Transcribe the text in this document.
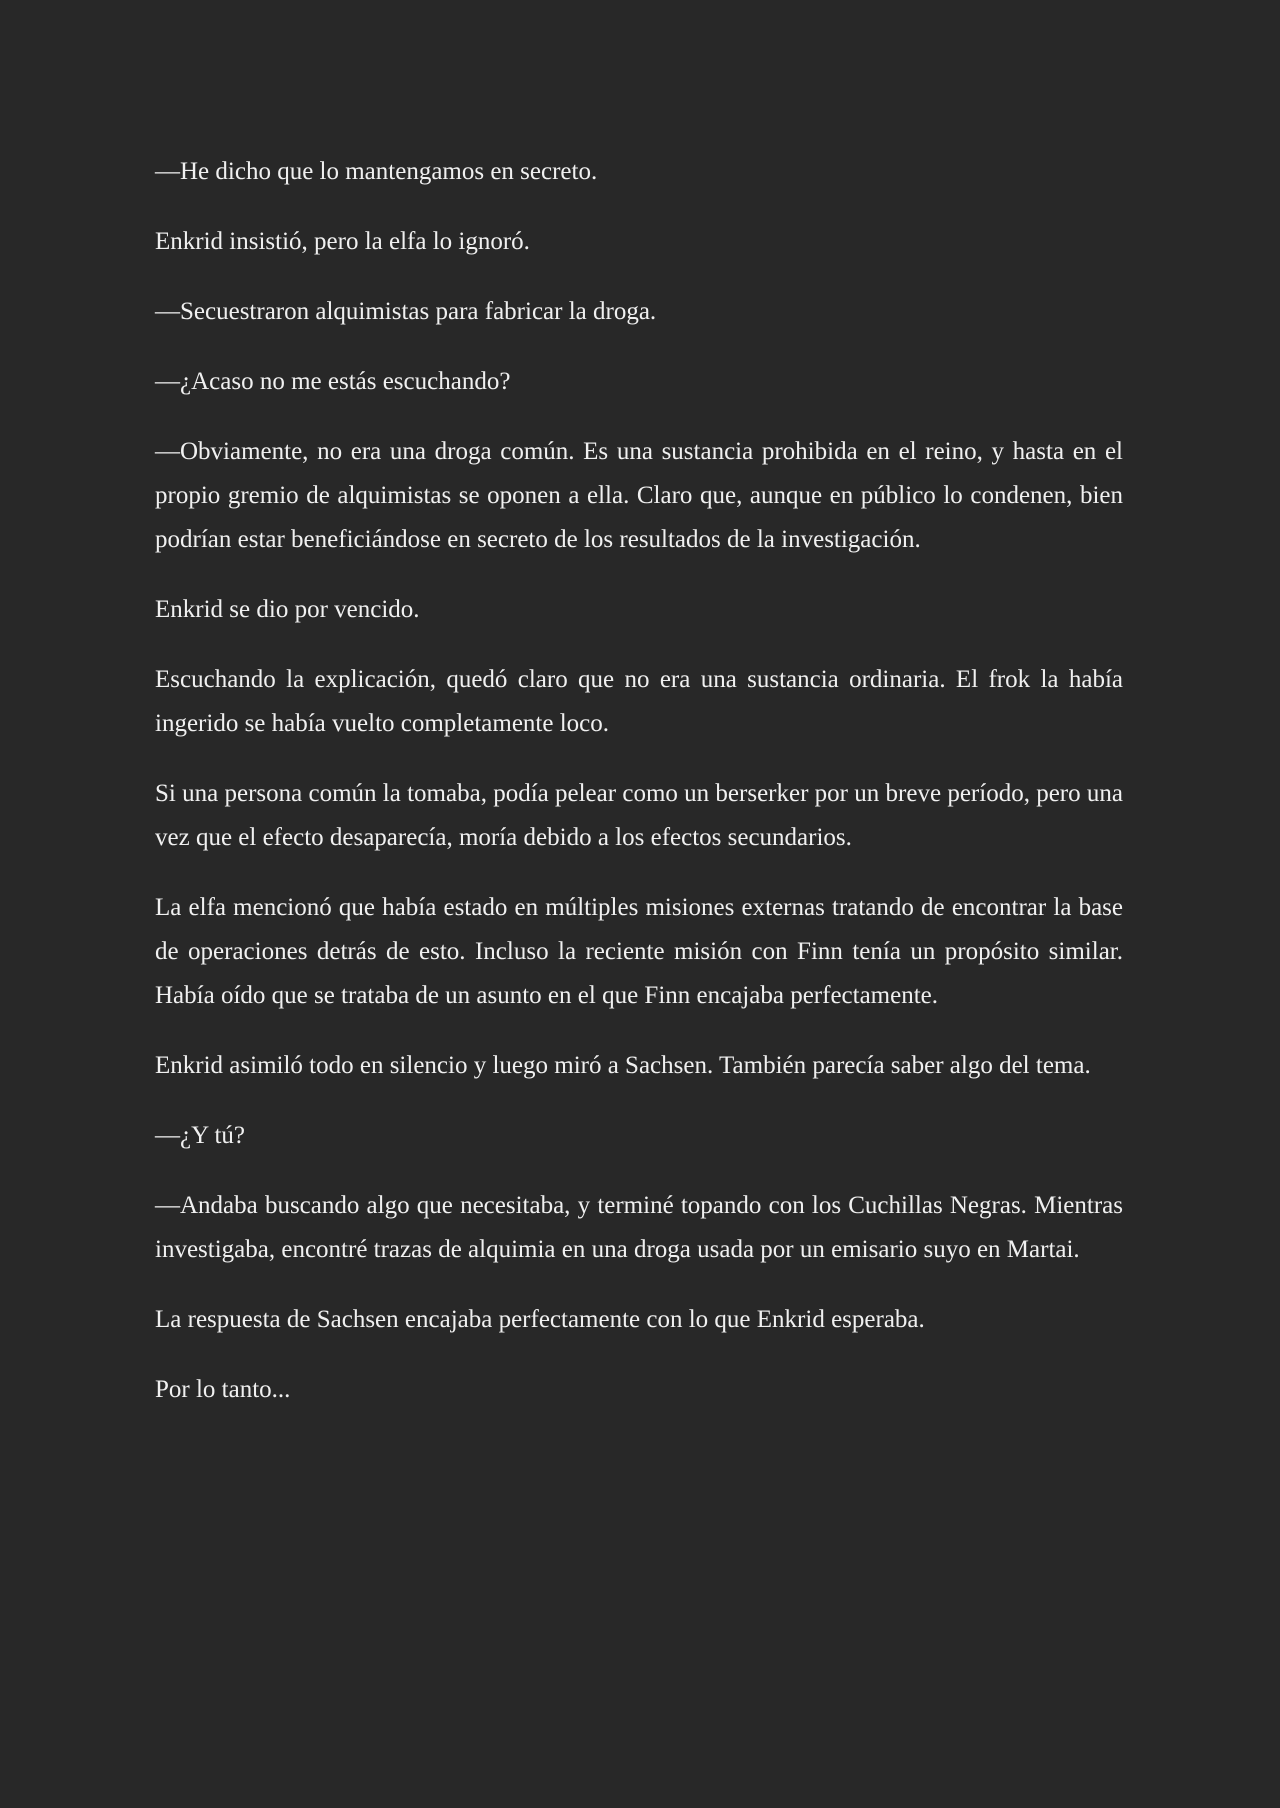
—He dicho que lo mantengamos en secreto.

Enkrid insistió, pero la elfa lo ignoró.

—Secuestraron alquimistas para fabricar la droga.

—¿Acaso no me estás escuchando?

—Obviamente, no era una droga común. Es una sustancia prohibida en el reino, y hasta en el propio gremio de alquimistas se oponen a ella. Claro que, aunque en público lo condenen, bien podrían estar beneficiándose en secreto de los resultados de la investigación.

Enkrid se dio por vencido.

Escuchando la explicación, quedó claro que no era una sustancia ordinaria. El frok la había ingerido se había vuelto completamente loco.

Si una persona común la tomaba, podía pelear como un berserker por un breve período, pero una vez que el efecto desaparecía, moría debido a los efectos secundarios.

La elfa mencionó que había estado en múltiples misiones externas tratando de encontrar la base de operaciones detrás de esto. Incluso la reciente misión con Finn tenía un propósito similar. Había oído que se trataba de un asunto en el que Finn encajaba perfectamente.

Enkrid asimiló todo en silencio y luego miró a Sachsen. También parecía saber algo del tema.

—¿Y tú?

—Andaba buscando algo que necesitaba, y terminé topando con los Cuchillas Negras. Mientras investigaba, encontré trazas de alquimia en una droga usada por un emisario suyo en Martai.

La respuesta de Sachsen encajaba perfectamente con lo que Enkrid esperaba.

Por lo tanto...
